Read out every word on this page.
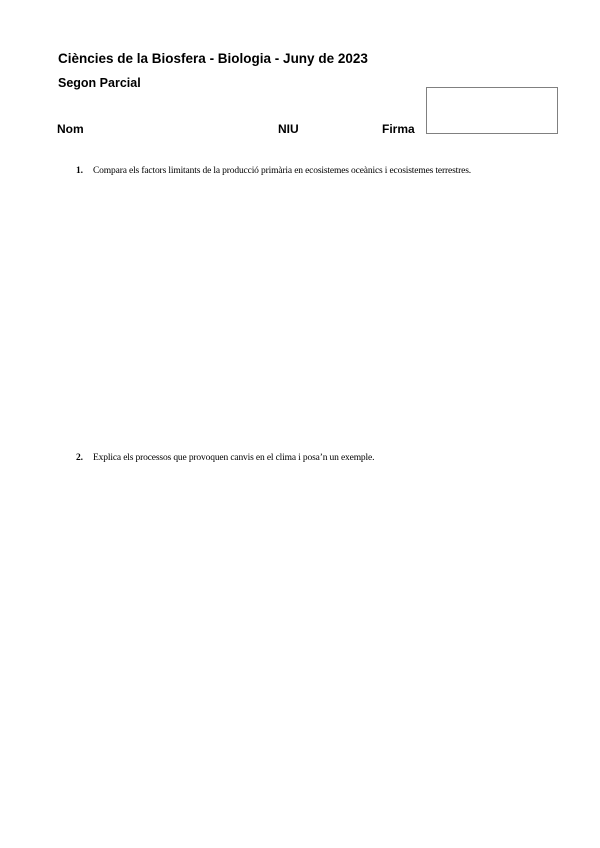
Ciències de la Biosfera - Biologia - Juny de 2023
Segon Parcial
Nom	NIU	Firma
1. Compara els factors limitants de la producció primària en ecosistemes oceànics i ecosistemes terrestres.
2. Explica els processos que provoquen canvis en el clima i posa’n un exemple.
